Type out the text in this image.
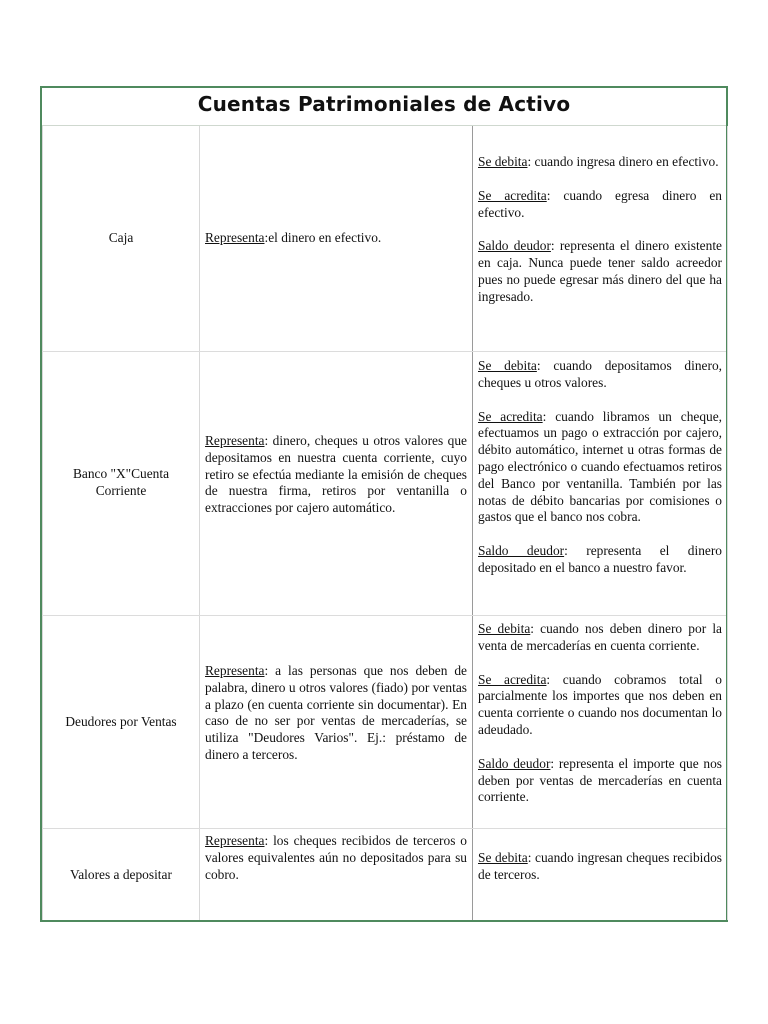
Cuentas Patrimoniales de Activo
Caja	Representa:el dinero en efectivo.

Se debita: cuando ingresa dinero en efectivo.

Se acredita: cuando egresa dinero en efectivo.

Saldo deudor: representa el dinero existente en caja. Nunca puede tener saldo acreedor pues no puede egresar más dinero del que ha ingresado.

Banco "X"Cuenta Corriente
Representa: dinero, cheques u otros valores que depositamos en nuestra cuenta corriente, cuyo retiro se efectúa mediante la emisión de cheques de nuestra firma, retiros por ventanilla o extracciones por cajero automático.

Se debita: cuando depositamos dinero, cheques u otros valores.

Se acredita: cuando libramos un cheque, efectuamos un pago o extracción por cajero, débito automático, internet u otras formas de pago electrónico o cuando efectuamos retiros del Banco por ventanilla. También por las notas de débito bancarias por comisiones o gastos que el banco nos cobra.

Saldo deudor: representa el dinero depositado en el banco a nuestro favor.

Deudores por Ventas
Representa: a las personas que nos deben de palabra, dinero u otros valores (fiado) por ventas a plazo (en cuenta corriente sin documentar). En caso de no ser por ventas de mercaderías, se utiliza "Deudores Varios". Ej.: préstamo de dinero a terceros.

Se debita: cuando nos deben dinero por la venta de mercaderías en cuenta corriente.

Se acredita: cuando cobramos total o parcialmente los importes que nos deben en cuenta corriente o cuando nos documentan lo adeudado.

Saldo deudor: representa el importe que nos deben por ventas de mercaderías en cuenta corriente.

Valores a depositar
Representa: los cheques recibidos de terceros o valores equivalentes aún no depositados para su cobro.

Se debita: cuando ingresan cheques recibidos de terceros.
